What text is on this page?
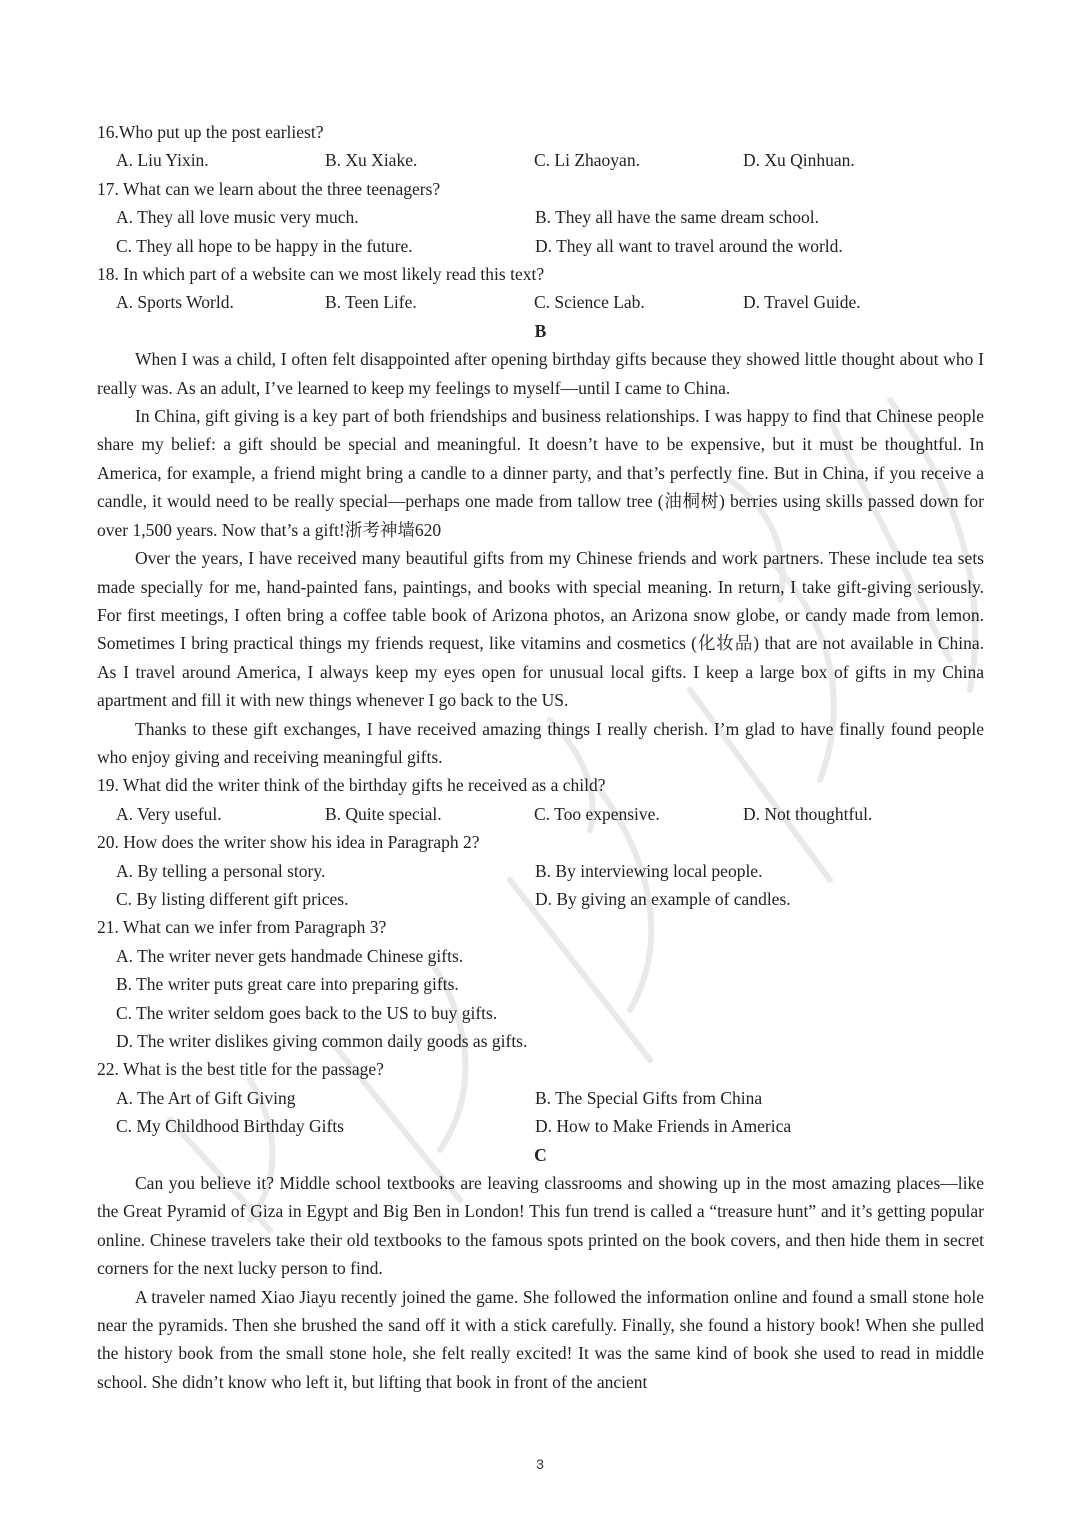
16.Who put up the post earliest?
A. Liu Yixin.	B. Xu Xiake.	C. Li Zhaoyan.	D. Xu Qinhuan.
17. What can we learn about the three teenagers?
A. They all love music very much.	B. They all have the same dream school.
C. They all hope to be happy in the future.	D. They all want to travel around the world.
18. In which part of a website can we most likely read this text?
A. Sports World.	B. Teen Life.	C. Science Lab.	D. Travel Guide.
B

When I was a child, I often felt disappointed after opening birthday gifts because they showed little thought about who I really was. As an adult, I’ve learned to keep my feelings to myself—until I came to China.

In China, gift giving is a key part of both friendships and business relationships. I was happy to find that Chinese people share my belief: a gift should be special and meaningful. It doesn’t have to be expensive, but it must be thoughtful. In America, for example, a friend might bring a candle to a dinner party, and that’s perfectly fine. But in China, if you receive a candle, it would need to be really special—perhaps one made from tallow tree (油桐树) berries using skills passed down for over 1,500 years. Now that’s a gift!浙考神墙620

Over the years, I have received many beautiful gifts from my Chinese friends and work partners. These include tea sets made specially for me, hand-painted fans, paintings, and books with special meaning. In return, I take gift-giving seriously. For first meetings, I often bring a coffee table book of Arizona photos, an Arizona snow globe, or candy made from lemon. Sometimes I bring practical things my friends request, like vitamins and cosmetics (化妆品) that are not available in China. As I travel around America, I always keep my eyes open for unusual local gifts. I keep a large box of gifts in my China apartment and fill it with new things whenever I go back to the US.

Thanks to these gift exchanges, I have received amazing things I really cherish. I’m glad to have finally found people who enjoy giving and receiving meaningful gifts.

19. What did the writer think of the birthday gifts he received as a child?
A. Very useful.	B. Quite special.	C. Too expensive.	D. Not thoughtful.
20. How does the writer show his idea in Paragraph 2?
A. By telling a personal story.	B. By interviewing local people.
C. By listing different gift prices.	D. By giving an example of candles.
21. What can we infer from Paragraph 3?
A. The writer never gets handmade Chinese gifts.
B. The writer puts great care into preparing gifts.
C. The writer seldom goes back to the US to buy gifts.
D. The writer dislikes giving common daily goods as gifts.
22. What is the best title for the passage?
A. The Art of Gift Giving	B. The Special Gifts from China
C. My Childhood Birthday Gifts	D. How to Make Friends in America
C

Can you believe it? Middle school textbooks are leaving classrooms and showing up in the most amazing places—like the Great Pyramid of Giza in Egypt and Big Ben in London! This fun trend is called a “treasure hunt” and it’s getting popular online. Chinese travelers take their old textbooks to the famous spots printed on the book covers, and then hide them in secret corners for the next lucky person to find.

A traveler named Xiao Jiayu recently joined the game. She followed the information online and found a small stone hole near the pyramids. Then she brushed the sand off it with a stick carefully. Finally, she found a history book! When she pulled the history book from the small stone hole, she felt really excited! It was the same kind of book she used to read in middle school. She didn’t know who left it, but lifting that book in front of the ancient

3
